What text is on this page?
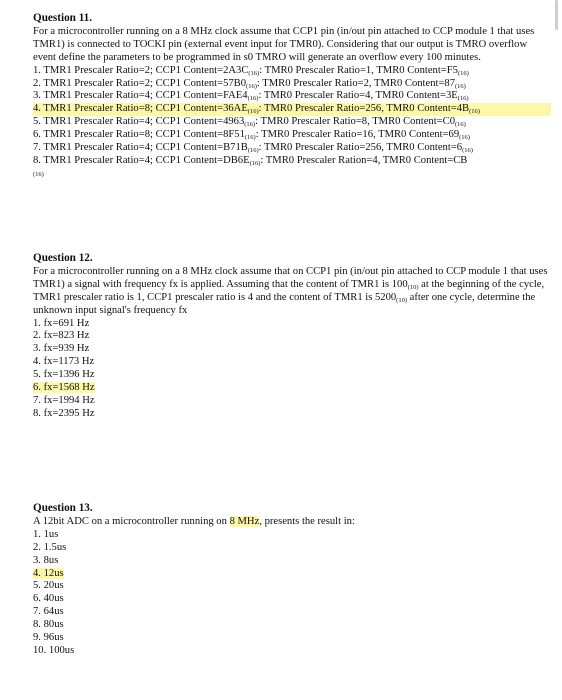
Question 11.

For a microcontroller running on a 8 MHz clock assume that CCP1 pin (in/out pin attached to CCP module 1 that uses TMR1) is connected to TOCKI pin (external event input for TMR0). Considering that our output is TMRO overflow event define the parameters to be programmed in s0 TMRO will generate an overflow every 100 minutes.

1. TMR1 Prescaler Ratio=2; CCP1 $Content=2A3C_{(16)}$: TMR0 Prescaler Ratio=1, TMR0 $Content=F5_{(16)}$
2. TMR1 Prescaler Ratio=2; CCP1 $Content=57B0_{(16)}$: TMR0 Prescaler Ratio=2, TMR0 $Content=87_{(16)}$
3. TMR1 Prescaler Ratio=4; CCP1 $Content=FAE4_{(16)}$: TMR0 Prescaler Ratio=4, TMR0 $Content=3E_{(16)}$
4. TMR1 Prescaler Ratio=8; CCP1 $Content=36AE_{(16)}$: TMR0 Prescaler Ratio=256, TMR0 $Content=4B_{(16)}$
5. TMR1 Prescaler Ratio=4; CCP1 $Content=4963_{(16)}$: TMR0 Prescaler Ratio=8, TMR0 $Content=C0_{(16)}$
6. TMR1 Prescaler Ratio=8; CCP1 $Content=8F51_{(16)}$: TMR0 Prescaler Ratio=16, TMR0 $Content=69_{(16)}$
7. TMR1 Prescaler Ratio=4; CCP1 $Content=B71B_{(16)}$: TMR0 Prescaler Ratio=256, TMR0 $Content=6_{(16)}$
8. TMR1 Prescaler Ratio=4; CCP1 $Content=DB6E_{(16)}$: TMR0 Prescaler Ration=4, TMR0 Content=CB
(16)
Question 12.

For a microcontroller running on a 8 MHz clock assume that on CCP1 pin (in/out pin attached to CCP module 1 that uses TMR1) a signal with frequency fx is applied. Assuming that the content of TMR1 is $100_{(10)}$ at the beginning of the cycle, TMR1 prescaler ratio is 1, CCP1 prescaler ratio is 4 and the content of TMR1 is $5200_{(10)}$ after one cycle, determine the unknown input signal's frequency fx

1. fx=691 Hz
2. fx=823 Hz
3. fx=939 Hz
4. fx=1173 Hz
5. fx=1396 Hz
6. fx=1568 Hz
7. fx=1994 Hz
8. fx=2395 Hz
Question 13.

A 12bit ADC on a microcontroller running on 8 MHz, presents the result in:

1. 1us
2. 1.5us
3. 8us
4. 12us
5. 20us
6. 40us
7. 64us
8. 80us
9. 96us
10. 100us
